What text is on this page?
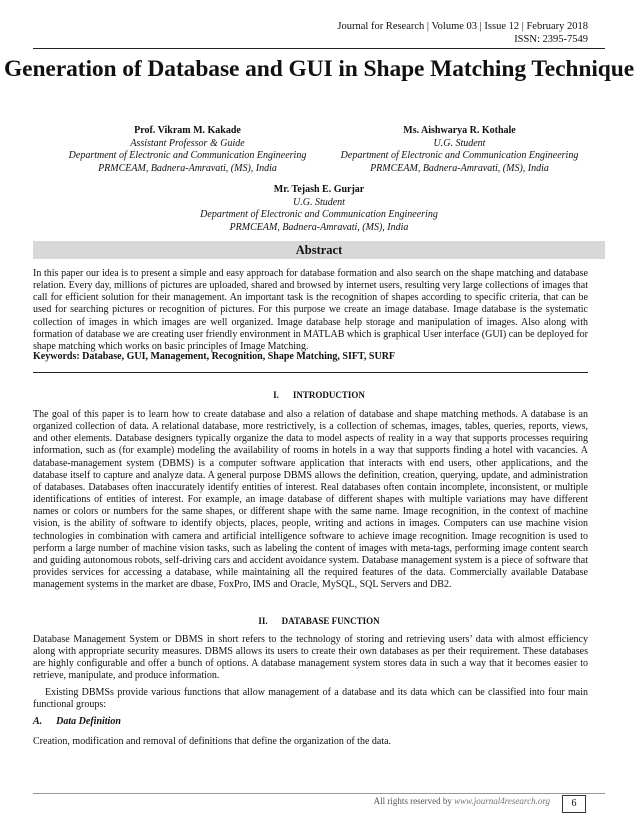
Journal for Research | Volume 03 | Issue 12 | February 2018
ISSN: 2395-7549
Generation of Database and GUI in Shape Matching Technique
Prof. Vikram M. Kakade
Assistant Professor & Guide
Department of Electronic and Communication Engineering
PRMCEAM, Badnera-Amravati, (MS), India
Ms. Aishwarya R. Kothale
U.G. Student
Department of Electronic and Communication Engineering
PRMCEAM, Badnera-Amravati, (MS), India
Mr. Tejash E. Gurjar
U.G. Student
Department of Electronic and Communication Engineering
PRMCEAM, Badnera-Amravati, (MS), India
Abstract
In this paper our idea is to present a simple and easy approach for database formation and also search on the shape matching and database relation. Every day, millions of pictures are uploaded, shared and browsed by internet users, resulting very large collections of images that call for efficient solution for their management. An important task is the recognition of shapes according to specific criteria, that can be used for searching pictures or recognition of pictures. For this purpose we create an image database. Image database is the systematic collection of images in which images are well organized. Image database help storage and manipulation of images. Also along with formation of database we are creating user friendly environment in MATLAB which is graphical User interface (GUI) can be deployed for shape matching which works on basic principles of Image Matching.
Keywords: Database, GUI, Management, Recognition, Shape Matching, SIFT, SURF
I. INTRODUCTION
The goal of this paper is to learn how to create database and also a relation of database and shape matching methods. A database is an organized collection of data. A relational database, more restrictively, is a collection of schemas, images, tables, queries, reports, views, and other elements. Database designers typically organize the data to model aspects of reality in a way that supports processes requiring information, such as (for example) modeling the availability of rooms in hotels in a way that supports finding a hotel with vacancies. A database-management system (DBMS) is a computer software application that interacts with end users, other applications, and the database itself to capture and analyze data. A general purpose DBMS allows the definition, creation, querying, update, and administration of databases. Databases often inaccurately identify entities of interest. Real databases often contain incomplete, inconsistent, or multiple identifications of entities of interest. For example, an image database of different shapes with multiple variations may have different names or colors or numbers for the same shapes, or different shape with the same name. Image recognition, in the context of machine vision, is the ability of software to identify objects, places, people, writing and actions in images. Computers can use machine vision technologies in combination with camera and artificial intelligence software to achieve image recognition. Image recognition is used to perform a large number of machine vision tasks, such as labeling the content of images with meta-tags, performing image content search and guiding autonomous robots, self-driving cars and accident avoidance system. Database management system is a piece of software that provides services for accessing a database, while maintaining all the required features of the data. Commercially available Database management systems in the market are dbase, FoxPro, IMS and Oracle, MySQL, SQL Servers and DB2.
II. DATABASE FUNCTION
Database Management System or DBMS in short refers to the technology of storing and retrieving users’ data with almost efficiency along with appropriate security measures. DBMS allows its users to create their own databases as per their requirement. These databases are highly configurable and offer a bunch of options. A database management system stores data in such a way that it becomes easier to retrieve, manipulate, and produce information.
Existing DBMSs provide various functions that allow management of a database and its data which can be classified into four main functional groups:
A. Data Definition
Creation, modification and removal of definitions that define the organization of the data.
All rights reserved by www.journal4research.org	6
